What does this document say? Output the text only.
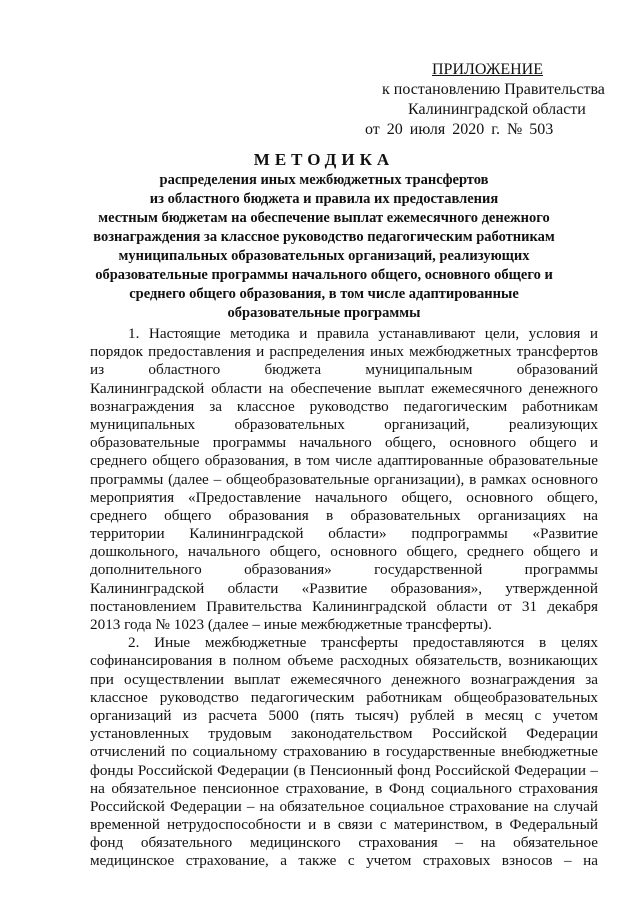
ПРИЛОЖЕНИЕ
к постановлению Правительства
Калининградской области
от 20 июля 2020 г. № 503
МЕТОДИКА
распределения иных межбюджетных трансфертов
из областного бюджета и правила их предоставления
местным бюджетам на обеспечение выплат ежемесячного денежного
вознаграждения за классное руководство педагогическим работникам
муниципальных образовательных организаций, реализующих
образовательные программы начального общего, основного общего и
среднего общего образования, в том числе адаптированные
образовательные программы
1. Настоящие методика и правила устанавливают цели, условия и
порядок предоставления и распределения иных межбюджетных трансфертов
из областного бюджета муниципальным образований
Калининградской области на обеспечение выплат ежемесячного денежного
вознаграждения за классное руководство педагогическим работникам
муниципальных образовательных организаций, реализующих
образовательные программы начального общего, основного общего и
среднего общего образования, в том числе адаптированные образовательные
программы (далее – общеобразовательные организации), в рамках основного
мероприятия «Предоставление начального общего, основного общего,
среднего общего образования в образовательных организациях на
территории Калининградской области» подпрограммы «Развитие
дошкольного, начального общего, основного общего, среднего общего и
дополнительного образования» государственной программы
Калининградской области «Развитие образования», утвержденной
постановлением Правительства Калининградской области от 31 декабря
2013 года № 1023 (далее – иные межбюджетные трансферты).
2. Иные межбюджетные трансферты предоставляются в целях
софинансирования в полном объеме расходных обязательств, возникающих
при осуществлении выплат ежемесячного денежного вознаграждения за
классное руководство педагогическим работникам общеобразовательных
организаций из расчета 5000 (пять тысяч) рублей в месяц с учетом
установленных трудовым законодательством Российской Федерации
отчислений по социальному страхованию в государственные внебюджетные
фонды Российской Федерации (в Пенсионный фонд Российской Федерации –
на обязательное пенсионное страхование, в Фонд социального страхования
Российской Федерации – на обязательное социальное страхование на случай
временной нетрудоспособности и в связи с материнством, в Федеральный
фонд обязательного медицинского страхования – на обязательное
медицинское страхование, а также с учетом страховых взносов – на
